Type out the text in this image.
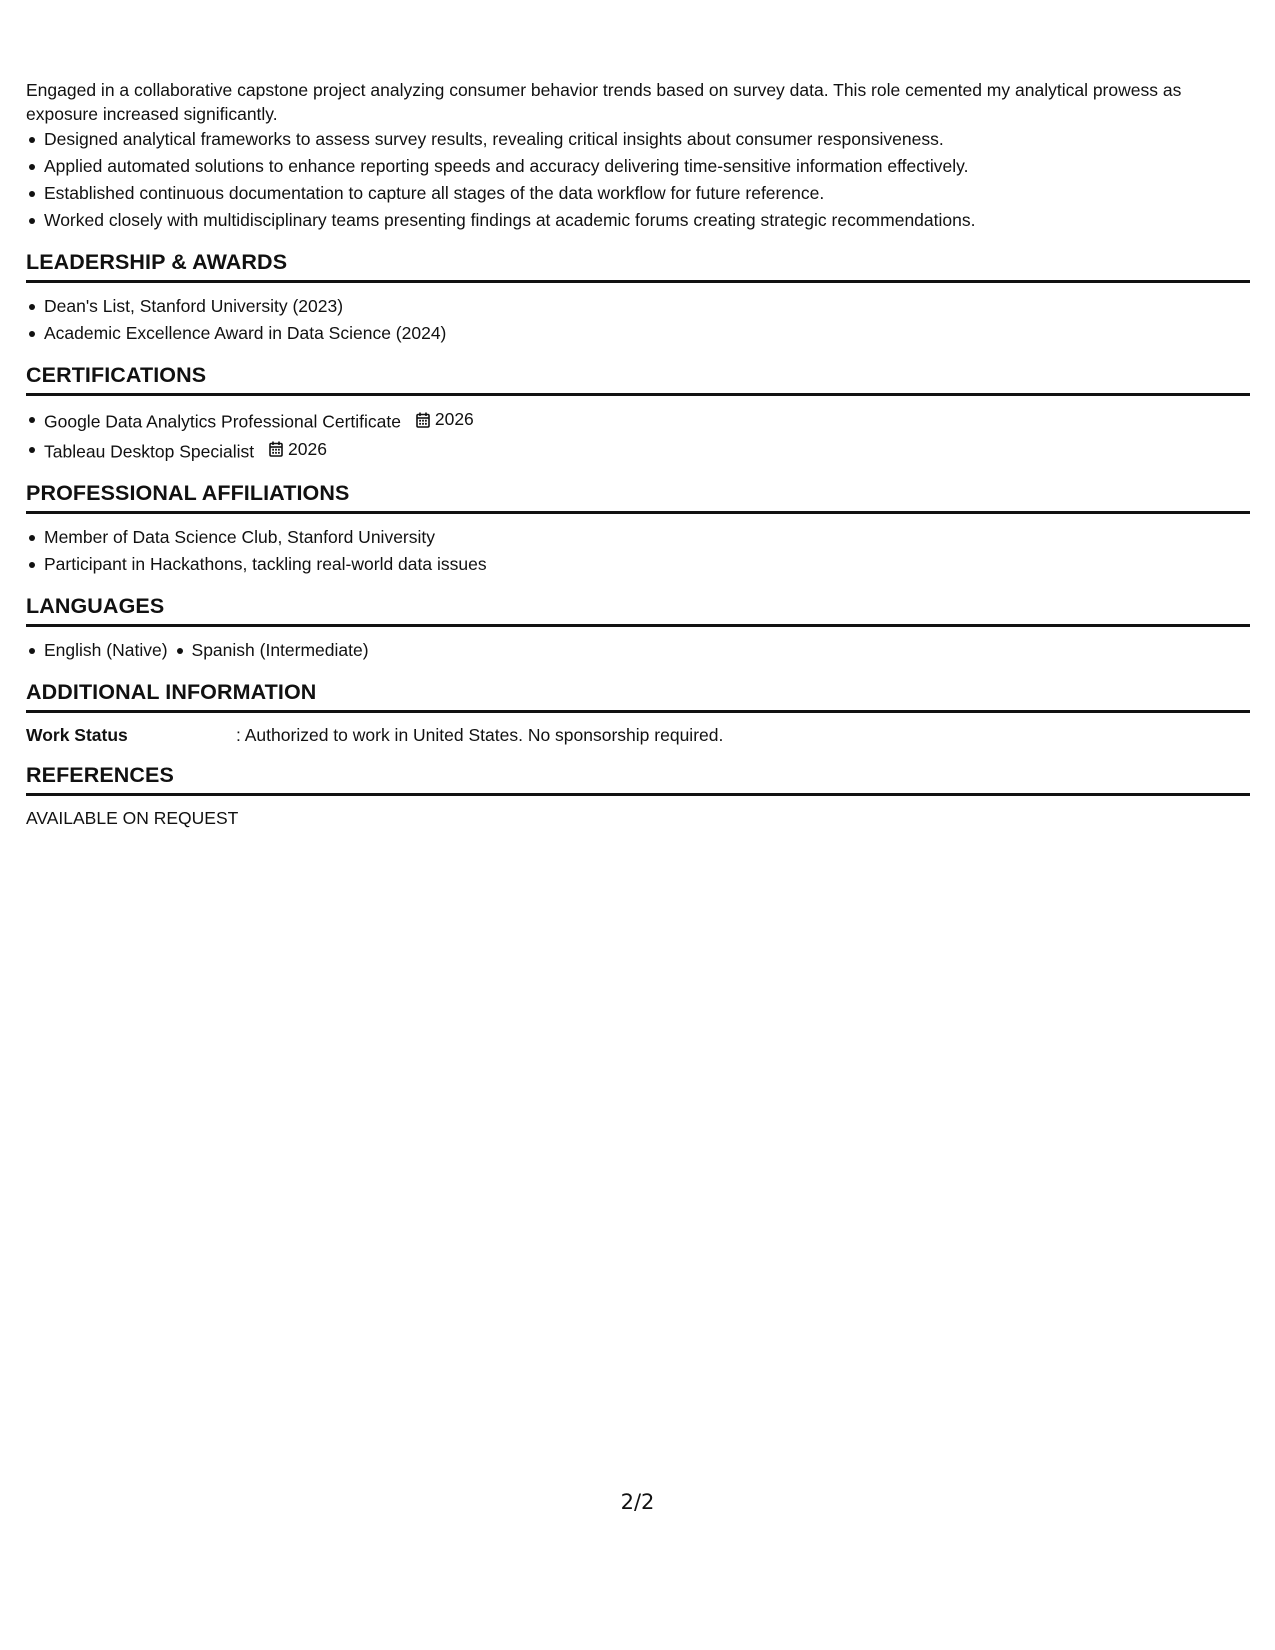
Engaged in a collaborative capstone project analyzing consumer behavior trends based on survey data. This role cemented my analytical prowess as exposure increased significantly.

Designed analytical frameworks to assess survey results, revealing critical insights about consumer responsiveness.
Applied automated solutions to enhance reporting speeds and accuracy delivering time-sensitive information effectively.
Established continuous documentation to capture all stages of the data workflow for future reference.
Worked closely with multidisciplinary teams presenting findings at academic forums creating strategic recommendations.
LEADERSHIP & AWARDS
Dean's List, Stanford University (2023)
Academic Excellence Award in Data Science (2024)
CERTIFICATIONS
Google Data Analytics Professional Certificate 2026
Tableau Desktop Specialist 2026
PROFESSIONAL AFFILIATIONS
Member of Data Science Club, Stanford University
Participant in Hackathons, tackling real-world data issues
LANGUAGES
English (Native) Spanish (Intermediate)
ADDITIONAL INFORMATION
Work Status	: Authorized to work in United States. No sponsorship required.
REFERENCES

AVAILABLE ON REQUEST

2/2
